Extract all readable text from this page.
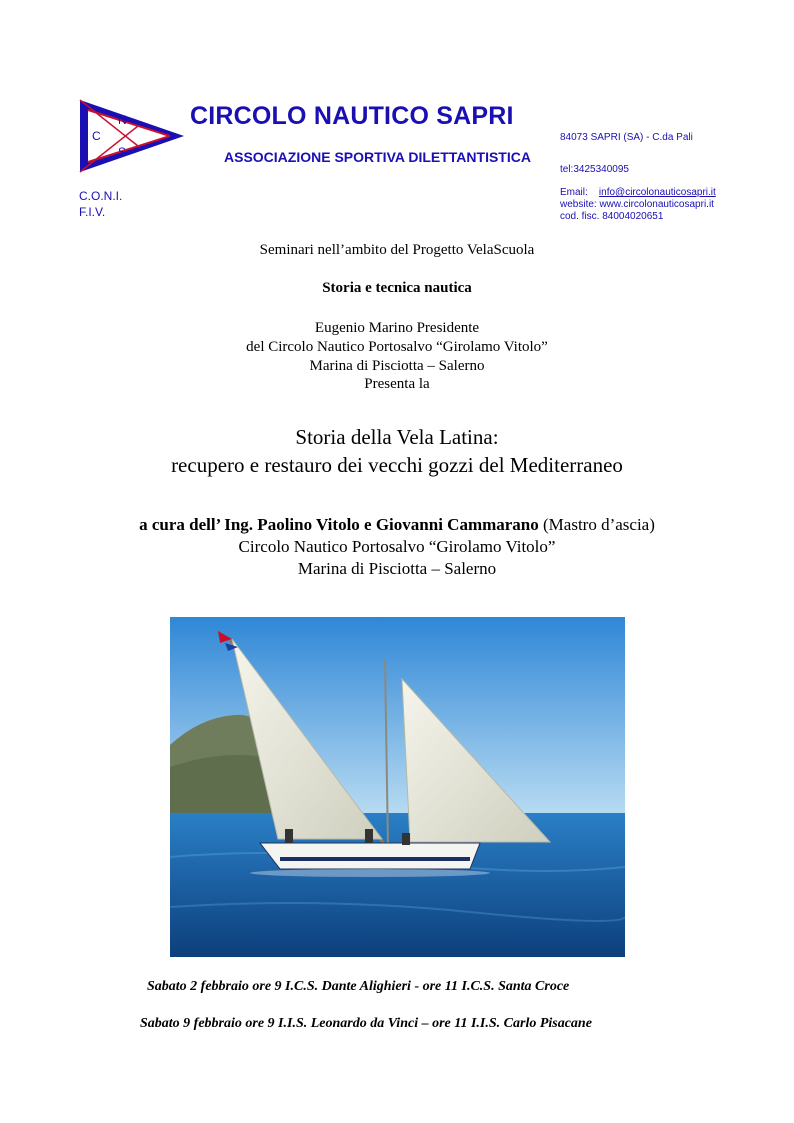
N
C
S
CIRCOLO NAUTICO SAPRI
ASSOCIAZIONE SPORTIVA DILETTANTISTICA
C.O.N.I.
F.I.V.
84073 SAPRI (SA) - C.da Pali
tel:3425340095
Email: info@circolonauticosapri.it
website: www.circolonauticosapri.it
cod. fisc. 84004020651
Seminari nell’ambito del Progetto VelaScuola
Storia e tecnica nautica
Eugenio Marino Presidente
del Circolo Nautico Portosalvo “Girolamo Vitolo”
Marina di Pisciotta – Salerno
Presenta la
Storia della Vela Latina:
recupero e restauro dei vecchi gozzi del Mediterraneo
a cura dell’ Ing. Paolino Vitolo e Giovanni Cammarano (Mastro d’ascia)
Circolo Nautico Portosalvo “Girolamo Vitolo”
Marina di Pisciotta – Salerno
Sabato 2 febbraio ore 9 I.C.S. Dante Alighieri - ore 11 I.C.S. Santa Croce
Sabato 9 febbraio ore 9 I.I.S. Leonardo da Vinci – ore 11 I.I.S. Carlo Pisacane
